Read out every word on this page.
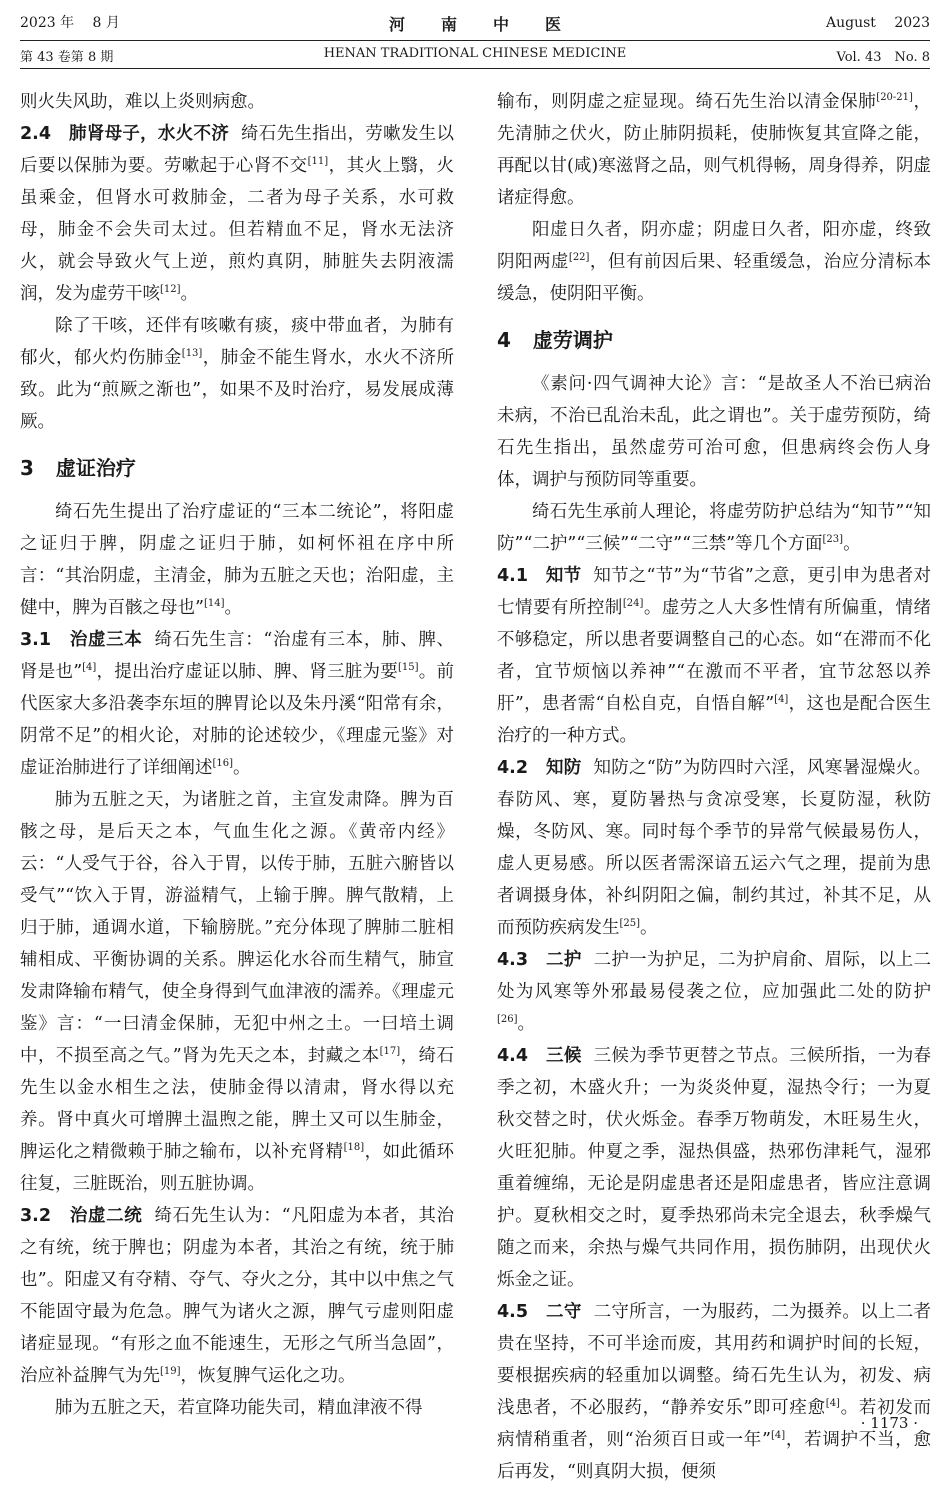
2023 年　 8 月	河南中医	August　 2023
第 43 卷第 8 期	HENAN TRADITIONAL CHINESE MEDICINE	Vol. 43　No. 8

则火失风助，难以上炎则病愈。

2.4　肺肾母子，水火不济 绮石先生指出，劳嗽发生以后要以保肺为要。劳嗽起于心肾不交[11]，其火上翳，火虽乘金，但肾水可救肺金，二者为母子关系，水可救母，肺金不会失司太过。但若精血不足，肾水无法济火，就会导致火气上逆，煎灼真阴，肺脏失去阴液濡润，发为虚劳干咳[12]。

除了干咳，还伴有咳嗽有痰，痰中带血者，为肺有郁火，郁火灼伤肺金[13]，肺金不能生肾水，水火不济所致。此为“煎厥之渐也”，如果不及时治疗，易发展成薄厥。

3 虚证治疗

绮石先生提出了治疗虚证的“三本二统论”，将阳虚之证归于脾，阴虚之证归于肺，如柯怀祖在序中所言：“其治阴虚，主清金，肺为五脏之天也；治阳虚，主健中，脾为百骸之母也”[14]。

3.1　治虚三本 绮石先生言：“治虚有三本，肺、脾、肾是也”[4]，提出治疗虚证以肺、脾、肾三脏为要[15]。前代医家大多沿袭李东垣的脾胃论以及朱丹溪“阳常有余，阴常不足”的相火论，对肺的论述较少，《理虚元鉴》对虚证治肺进行了详细阐述[16]。

肺为五脏之天，为诸脏之首，主宣发肃降。脾为百骸之母，是后天之本，气血生化之源。《黄帝内经》云：“人受气于谷，谷入于胃，以传于肺，五脏六腑皆以受气”“饮入于胃，游溢精气，上输于脾。脾气散精，上归于肺，通调水道，下输膀胱。”充分体现了脾肺二脏相辅相成、平衡协调的关系。脾运化水谷而生精气，肺宣发肃降输布精气，使全身得到气血津液的濡养。《理虚元鉴》言：“一曰清金保肺，无犯中州之土。一曰培土调中，不损至高之气。”肾为先天之本，封藏之本[17]，绮石先生以金水相生之法，使肺金得以清肃，肾水得以充养。肾中真火可增脾土温煦之能，脾土又可以生肺金，脾运化之精微赖于肺之输布，以补充肾精[18]，如此循环往复，三脏既治，则五脏协调。

3.2　治虚二统 绮石先生认为：“凡阳虚为本者，其治之有统，统于脾也；阴虚为本者，其治之有统，统于肺也”。阳虚又有夺精、夺气、夺火之分，其中以中焦之气不能固守最为危急。脾气为诸火之源，脾气亏虚则阳虚诸症显现。“有形之血不能速生，无形之气所当急固”，治应补益脾气为先[19]，恢复脾气运化之功。

肺为五脏之天，若宣降功能失司，精血津液不得

输布，则阴虚之症显现。绮石先生治以清金保肺[20-21]，先清肺之伏火，防止肺阴损耗，使肺恢复其宣降之能，再配以甘(咸)寒滋肾之品，则气机得畅，周身得养，阴虚诸症得愈。

阳虚日久者，阴亦虚；阴虚日久者，阳亦虚，终致阴阳两虚[22]，但有前因后果、轻重缓急，治应分清标本缓急，使阴阳平衡。

4 虚劳调护

《素问·四气调神大论》言：“是故圣人不治已病治未病，不治已乱治未乱，此之谓也”。关于虚劳预防，绮石先生指出，虽然虚劳可治可愈，但患病终会伤人身体，调护与预防同等重要。

绮石先生承前人理论，将虚劳防护总结为“知节”“知防”“二护”“三候”“二守”“三禁”等几个方面[23]。

4.1　知节 知节之“节”为“节省”之意，更引申为患者对七情要有所控制[24]。虚劳之人大多性情有所偏重，情绪不够稳定，所以患者要调整自己的心态。如“在滞而不化者，宜节烦恼以养神”“在激而不平者，宜节忿怒以养肝”，患者需“自松自克，自悟自解”[4]，这也是配合医生治疗的一种方式。

4.2　知防 知防之“防”为防四时六淫，风寒暑湿燥火。春防风、寒，夏防暑热与贪凉受寒，长夏防湿，秋防燥，冬防风、寒。同时每个季节的异常气候最易伤人，虚人更易感。所以医者需深谙五运六气之理，提前为患者调摄身体，补纠阴阳之偏，制约其过，补其不足，从而预防疾病发生[25]。

4.3　二护 二护一为护足，二为护肩俞、眉际，以上二处为风寒等外邪最易侵袭之位，应加强此二处的防护[26]。

4.4　三候 三候为季节更替之节点。三候所指，一为春季之初，木盛火升；一为炎炎仲夏，湿热令行；一为夏秋交替之时，伏火烁金。春季万物萌发，木旺易生火，火旺犯肺。仲夏之季，湿热俱盛，热邪伤津耗气，湿邪重着缠绵，无论是阴虚患者还是阳虚患者，皆应注意调护。夏秋相交之时，夏季热邪尚未完全退去，秋季燥气随之而来，余热与燥气共同作用，损伤肺阴，出现伏火烁金之证。

4.5　二守 二守所言，一为服药，二为摄养。以上二者贵在坚持，不可半途而废，其用药和调护时间的长短，要根据疾病的轻重加以调整。绮石先生认为，初发、病浅患者，不必服药，“静养安乐”即可痊愈[4]。若初发而病情稍重者，则“治须百日或一年”[4]，若调护不当，愈后再发，“则真阴大损，便须

· 1173 ·
